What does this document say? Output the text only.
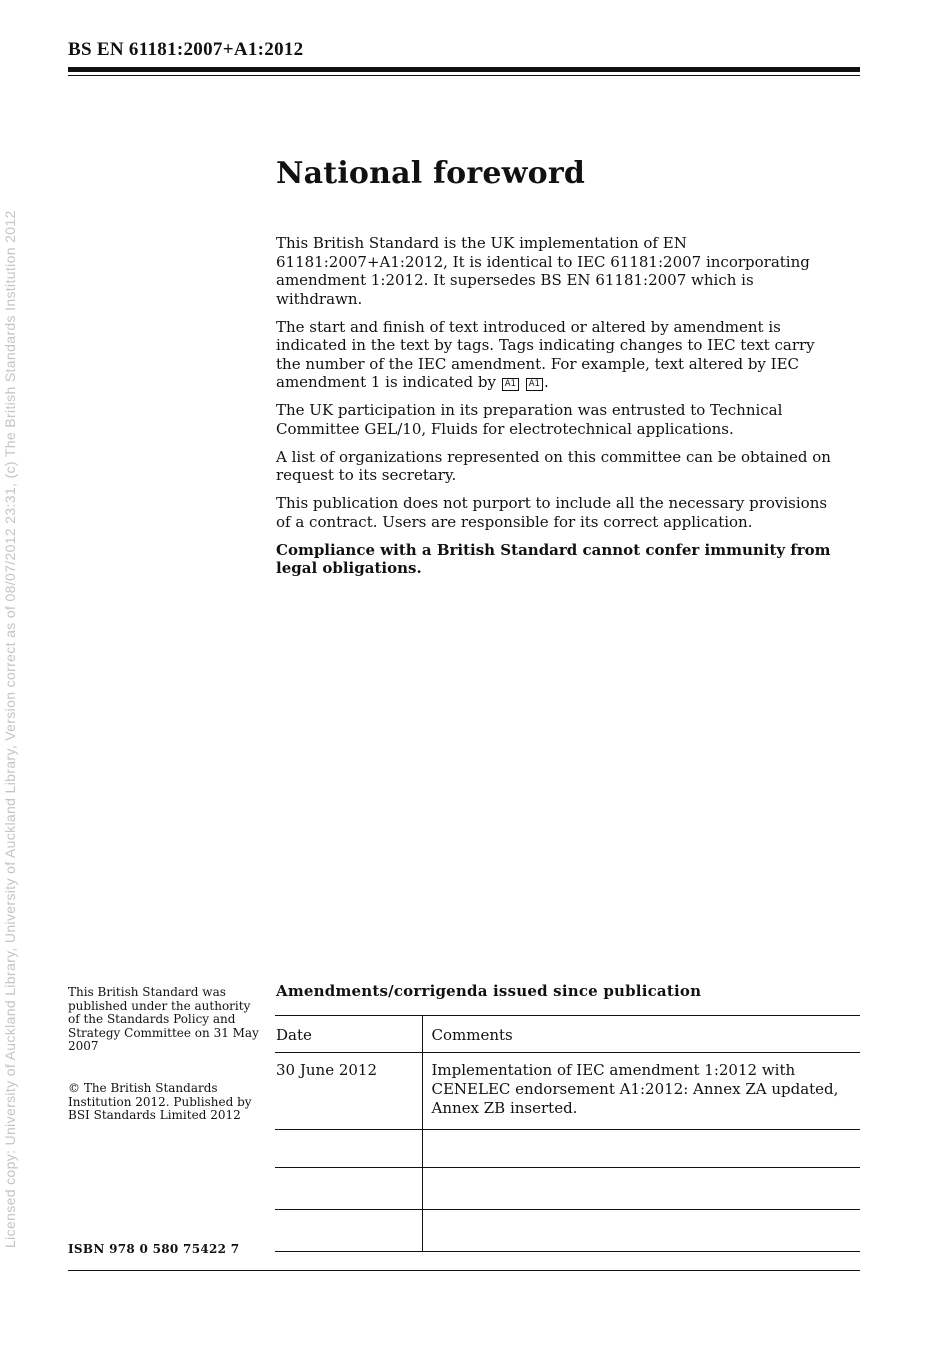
Licensed copy: University of Auckland Library, University of Auckland Library, Version correct as of 08/07/2012 23:31, (c) The British Standards Institution 2012
BS EN 61181:2007+A1:2012
National foreword

This British Standard is the UK implementation of EN 61181:2007+A1:2012, It is identical to IEC 61181:2007 incorporating amendment 1:2012. It supersedes BS EN 61181:2007 which is withdrawn.

The start and finish of text introduced or altered by amendment is indicated in the text by tags. Tags indicating changes to IEC text carry the number of the IEC amendment. For example, text altered by IEC amendment 1 is indicated by A1 A1 .

The UK participation in its preparation was entrusted to Technical Committee GEL/10, Fluids for electrotechnical applications.

A list of organizations represented on this committee can be obtained on request to its secretary.

This publication does not purport to include all the necessary provisions of a contract. Users are responsible for its correct application.

Compliance with a British Standard cannot confer immunity from legal obligations.

This British Standard was published under the authority of the Standards Policy and Strategy Committee on 31 May 2007
© The British Standards Institution 2012. Published by BSI Standards Limited 2012
ISBN 978 0 580 75422 7
Amendments/corrigenda issued since publication
Date	Comments
30 June 2012	Implementation of IEC amendment 1:2012 with CENELEC endorsement A1:2012: Annex ZA updated, Annex ZB inserted.
